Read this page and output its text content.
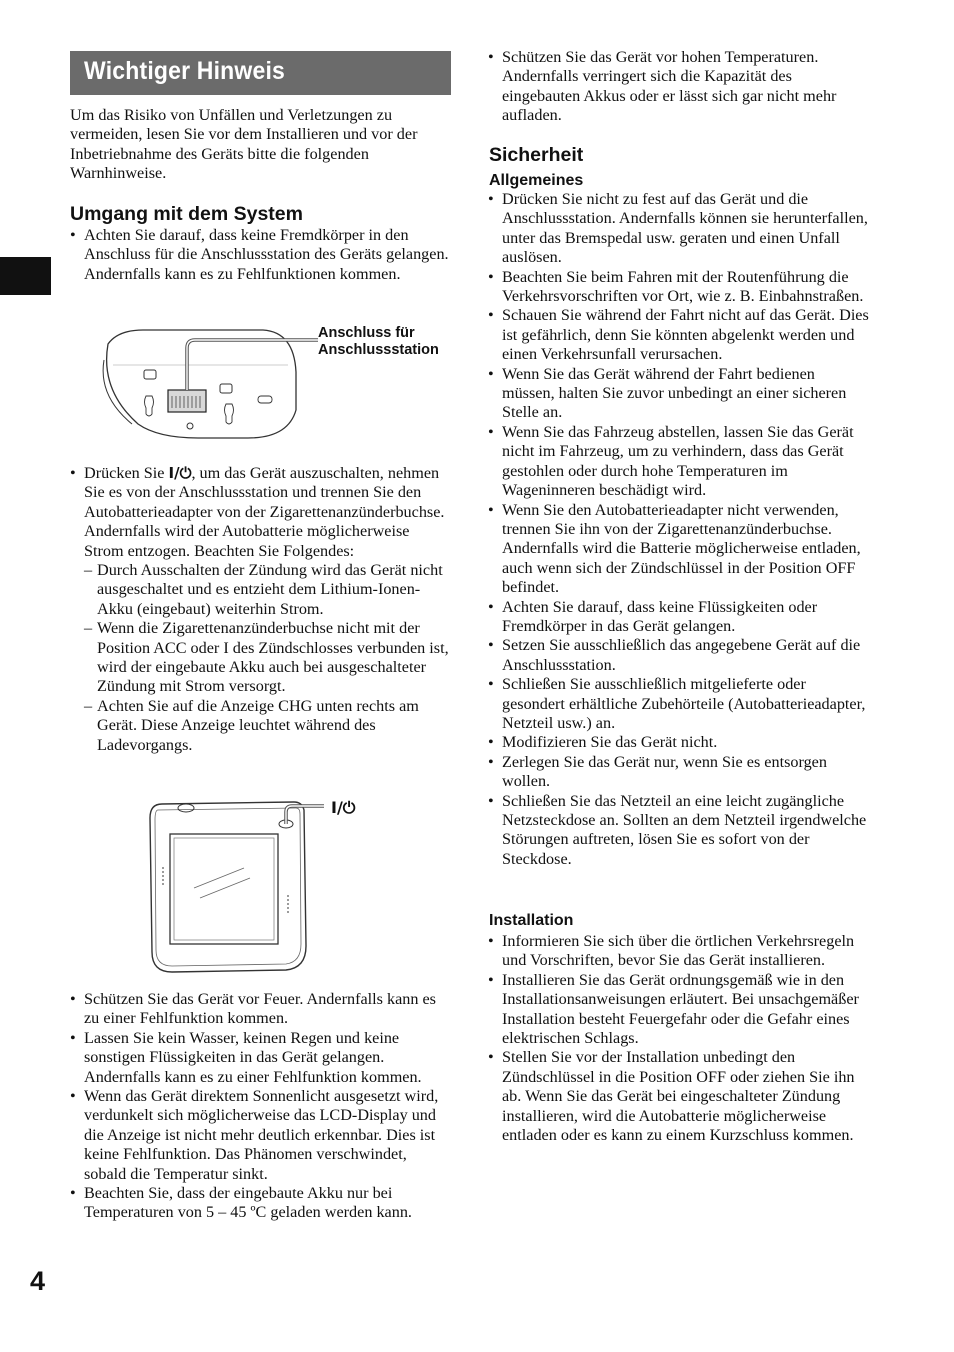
Wichtiger Hinweis

Um das Risiko von Unfällen und Verletzungen zu vermeiden, lesen Sie vor dem Installieren und vor der Inbetriebnahme des Geräts bitte die folgenden Warnhinweise.

Umgang mit dem System
• Achten Sie darauf, dass keine Fremdkörper in den Anschluss für die Anschlussstation des Geräts gelangen. Andernfalls kann es zu Fehlfunktionen kommen.
Anschluss für
Anschlussstation
• Drücken Sie I/⏻, um das Gerät auszuschalten, nehmen Sie es von der Anschlussstation und trennen Sie den Autobatterieadapter von der Zigarettenanzünderbuchse. Andernfalls wird der Autobatterie möglicherweise Strom entzogen. Beachten Sie Folgendes:
– Durch Ausschalten der Zündung wird das Gerät nicht ausgeschaltet und es entzieht dem Lithium-Ionen-Akku (eingebaut) weiterhin Strom.
– Wenn die Zigarettenanzünderbuchse nicht mit der Position ACC oder I des Zündschlosses verbunden ist, wird der eingebaute Akku auch bei ausgeschalteter Zündung mit Strom versorgt.
– Achten Sie auf die Anzeige CHG unten rechts am Gerät. Diese Anzeige leuchtet während des Ladevorgangs.
I/⏻
• Schützen Sie das Gerät vor Feuer. Andernfalls kann es zu einer Fehlfunktion kommen.
• Lassen Sie kein Wasser, keinen Regen und keine sonstigen Flüssigkeiten in das Gerät gelangen. Andernfalls kann es zu einer Fehlfunktion kommen.
• Wenn das Gerät direktem Sonnenlicht ausgesetzt wird, verdunkelt sich möglicherweise das LCD-Display und die Anzeige ist nicht mehr deutlich erkennbar. Dies ist keine Fehlfunktion. Das Phänomen verschwindet, sobald die Temperatur sinkt.
• Beachten Sie, dass der eingebaute Akku nur bei Temperaturen von 5 – 45 ºC geladen werden kann.
• Schützen Sie das Gerät vor hohen Temperaturen. Andernfalls verringert sich die Kapazität des eingebauten Akkus oder er lässt sich gar nicht mehr aufladen.
Sicherheit
Allgemeines
• Drücken Sie nicht zu fest auf das Gerät und die Anschlussstation. Andernfalls können sie herunterfallen, unter das Bremspedal usw. geraten und einen Unfall auslösen.
• Beachten Sie beim Fahren mit der Routenführung die Verkehrsvorschriften vor Ort, wie z. B. Einbahnstraßen.
• Schauen Sie während der Fahrt nicht auf das Gerät. Dies ist gefährlich, denn Sie könnten abgelenkt werden und einen Verkehrsunfall verursachen.
• Wenn Sie das Gerät während der Fahrt bedienen müssen, halten Sie zuvor unbedingt an einer sicheren Stelle an.
• Wenn Sie das Fahrzeug abstellen, lassen Sie das Gerät nicht im Fahrzeug, um zu verhindern, dass das Gerät gestohlen oder durch hohe Temperaturen im Wageninneren beschädigt wird.
• Wenn Sie den Autobatterieadapter nicht verwenden, trennen Sie ihn von der Zigarettenanzünderbuchse. Andernfalls wird die Batterie möglicherweise entladen, auch wenn sich der Zündschlüssel in der Position OFF befindet.
• Achten Sie darauf, dass keine Flüssigkeiten oder Fremdkörper in das Gerät gelangen.
• Setzen Sie ausschließlich das angegebene Gerät auf die Anschlussstation.
• Schließen Sie ausschließlich mitgelieferte oder gesondert erhältliche Zubehörteile (Autobatterieadapter, Netzteil usw.) an.
• Modifizieren Sie das Gerät nicht.
• Zerlegen Sie das Gerät nur, wenn Sie es entsorgen wollen.
• Schließen Sie das Netzteil an eine leicht zugängliche Netzsteckdose an. Sollten an dem Netzteil irgendwelche Störungen auftreten, lösen Sie es sofort von der Steckdose.
Installation
• Informieren Sie sich über die örtlichen Verkehrsregeln und Vorschriften, bevor Sie das Gerät installieren.
• Installieren Sie das Gerät ordnungsgemäß wie in den Installationsanweisungen erläutert. Bei unsachgemäßer Installation besteht Feuergefahr oder die Gefahr eines elektrischen Schlags.
• Stellen Sie vor der Installation unbedingt den Zündschlüssel in die Position OFF oder ziehen Sie ihn ab. Wenn Sie das Gerät bei eingeschalteter Zündung installieren, wird die Autobatterie möglicherweise entladen oder es kann zu einem Kurzschluss kommen.
4
